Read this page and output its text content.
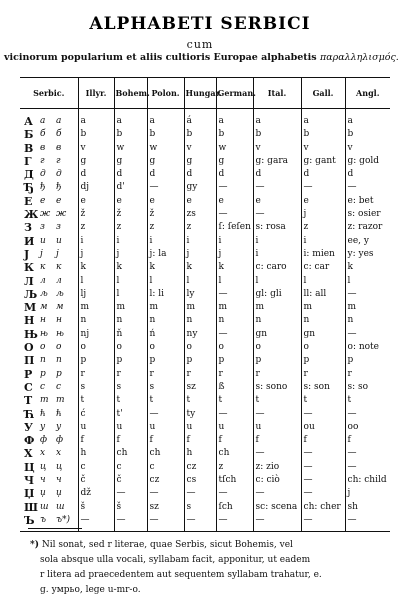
ALPHABETI SERBICI
cum
vicinorum popularium et aliis cultioris Europae alphabetis παραλληλισμός.
Serbic.			Illyr.	Bohem.	Polon.	Hungar.	German.	Ital.	Gall.	Angl.
А	а	а	a	a	a	á	a	a	a	a
Б	б	б	b	b	b	b	b	b	b	b
В	в	в	v	w	w	v	w	v	v	v
Г	г	г	g	g	g	g	g	g: gara	g: gant	g: gold
Д	д	д	d	d	d	d	d	d	d	d
Ђ	ђ	ђ	dj	d'	—	gy	—	—	—	—
Е	е	е	e	e	e	e	e	e	e	e: bet
Ж	ж	ж	ž	ž	ž	zs	—	—	j	s: osier
З	з	з	z	z	z	z	ſ: ſeſen	s: rosa	z	z: razor
И	и	и	i	i	i	i	i	i	i	ee, y
Ј	ј	ј	j	j	j: la	j	j	i	i: mien	y: yes
К	к	к	k	k	k	k	k	c: caro	c: car	k
Л	л	л	l	l	l	l	l	l	l	l
Љ	љ	љ	lj	l	l: li	ly	—	gl: gli	ll: all	—
М	м	м	m	m	m	m	m	m	m	m
Н	н	н	n	n	n	n	n	n	n	n
Њ	њ	њ	nj	ň	ń	ny	—	gn	gn	—
О	о	о	o	o	o	o	o	o	o	o: note
П	п	п	p	p	p	p	p	p	p	p
Р	р	р	r	r	r	r	r	r	r	r
С	с	с	s	s	s	sz	ß	s: sono	s: son	s: so
Т	т	т	t	t	t	t	t	t	t	t
Ћ	ћ	ћ	ć	t'	—	ty	—	—	—	—
У	у	у	u	u	u	u	u	u	ou	oo
Ф	ф	ф	f	f	f	f	f	f	f	f
Х	х	х	h	ch	ch	h	ch	—	—	—
Ц	ц	ц	c	c	c	cz	z	z: zio	—	—
Ч	ч	ч	č	č	cz	cs	tſch	c: ciò	—	ch: child
Џ	џ	џ	dž	—	—	—	—	—	—	j
Ш	ш	ш	š	š	sz	s	ſch	sc: scena	ch: cher	sh
Ъ	ъ	ъ*)	—	—	—	—	—	—	—	—
*) Nil sonat, sed r literae, quae Serbis, sicut Bohemis, vel
sola absque ulla vocali, syllabam facit, apponitur, ut eadem
r litera ad praecedentem aut sequentem syllabam trahatur, e.
g. умрьо, lege u-mr-o.
